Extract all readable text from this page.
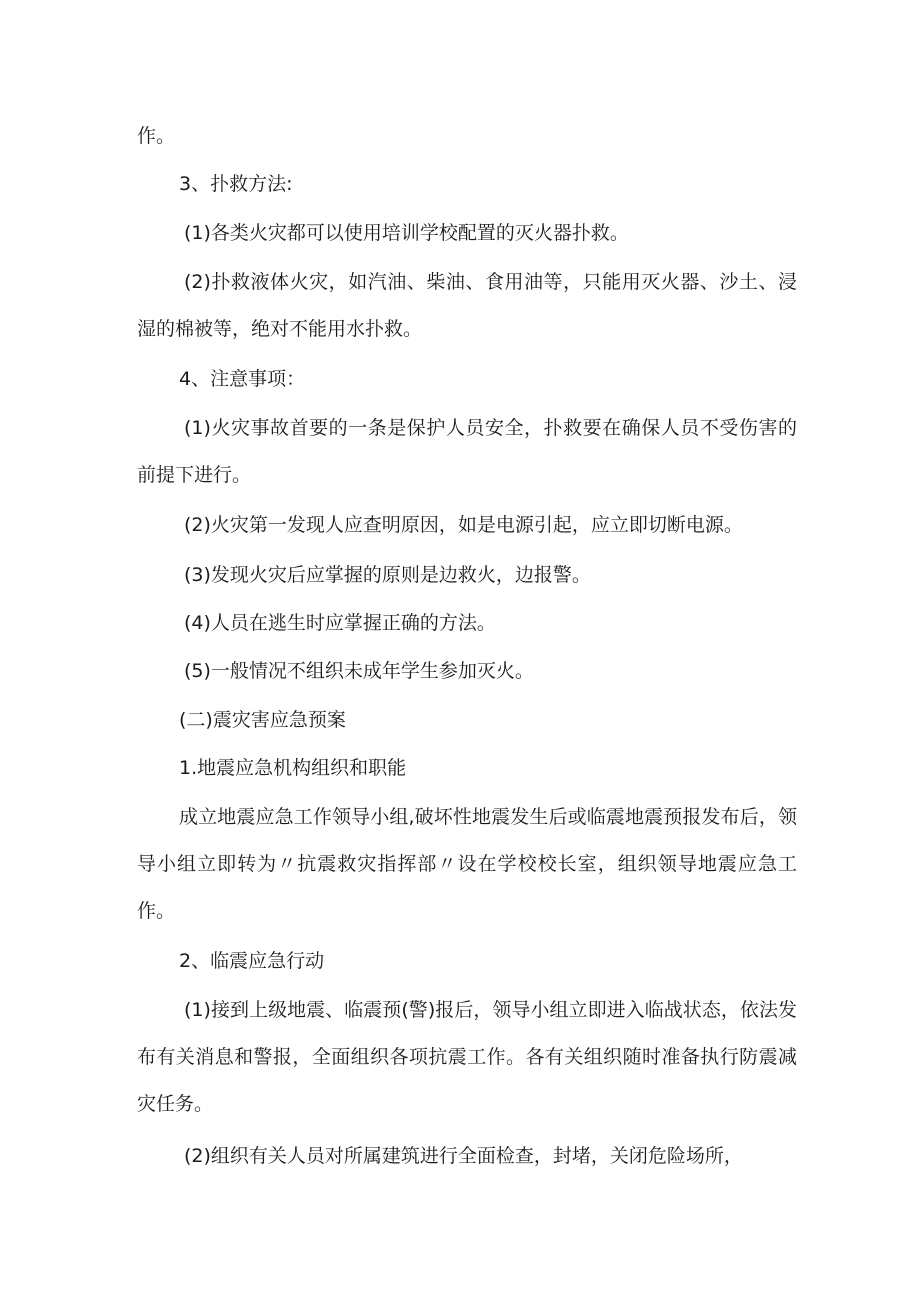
作。

3、扑救方法:

(1)各类火灾都可以使用培训学校配置的灭火器扑救。

(2)扑救液体火灾，如汽油、柴油、食用油等，只能用灭火器、沙土、浸湿的棉被等，绝对不能用水扑救。

4、注意事项：

(1)火灾事故首要的一条是保护人员安全，扑救要在确保人员不受伤害的前提下进行。

(2)火灾第一发现人应查明原因，如是电源引起，应立即切断电源。

(3)发现火灾后应掌握的原则是边救火，边报警。

(4)人员在逃生时应掌握正确的方法。

(5)一般情况不组织未成年学生参加灭火。

(二)震灾害应急预案

1.地震应急机构组织和职能

成立地震应急工作领导小组,破坏性地震发生后或临震地震预报发布后，领导小组立即转为〃抗震救灾指挥部〃设在学校校长室，组织领导地震应急工作。

2、临震应急行动

(1)接到上级地震、临震预(警)报后，领导小组立即进入临战状态，依法发布有关消息和警报，全面组织各项抗震工作。各有关组织随时准备执行防震减灾任务。

(2)组织有关人员对所属建筑进行全面检查，封堵，关闭危险场所，
